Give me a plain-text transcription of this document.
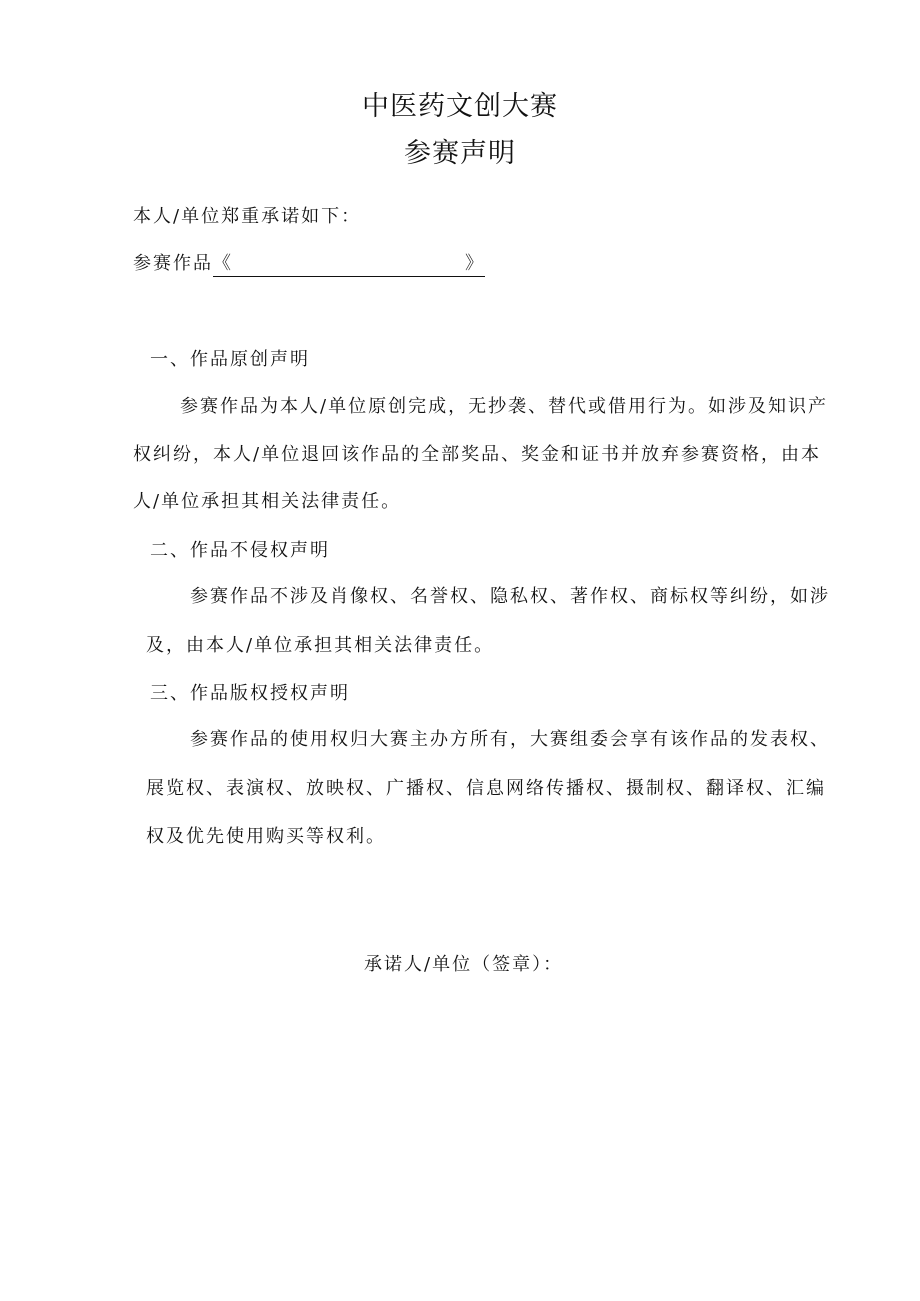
中医药文创大赛
参赛声明
本人/单位郑重承诺如下：
参赛作品《	》
一、作品原创声明
参赛作品为本人/单位原创完成，无抄袭、替代或借用行为。如涉及知识产
权纠纷，本人/单位退回该作品的全部奖品、奖金和证书并放弃参赛资格，由本
人/单位承担其相关法律责任。
二、作品不侵权声明
参赛作品不涉及肖像权、名誉权、隐私权、著作权、商标权等纠纷，如涉
及，由本人/单位承担其相关法律责任。
三、作品版权授权声明
参赛作品的使用权归大赛主办方所有，大赛组委会享有该作品的发表权、
展览权、表演权、放映权、广播权、信息网络传播权、摄制权、翻译权、汇编
权及优先使用购买等权利。
承诺人/单位（签章）：
